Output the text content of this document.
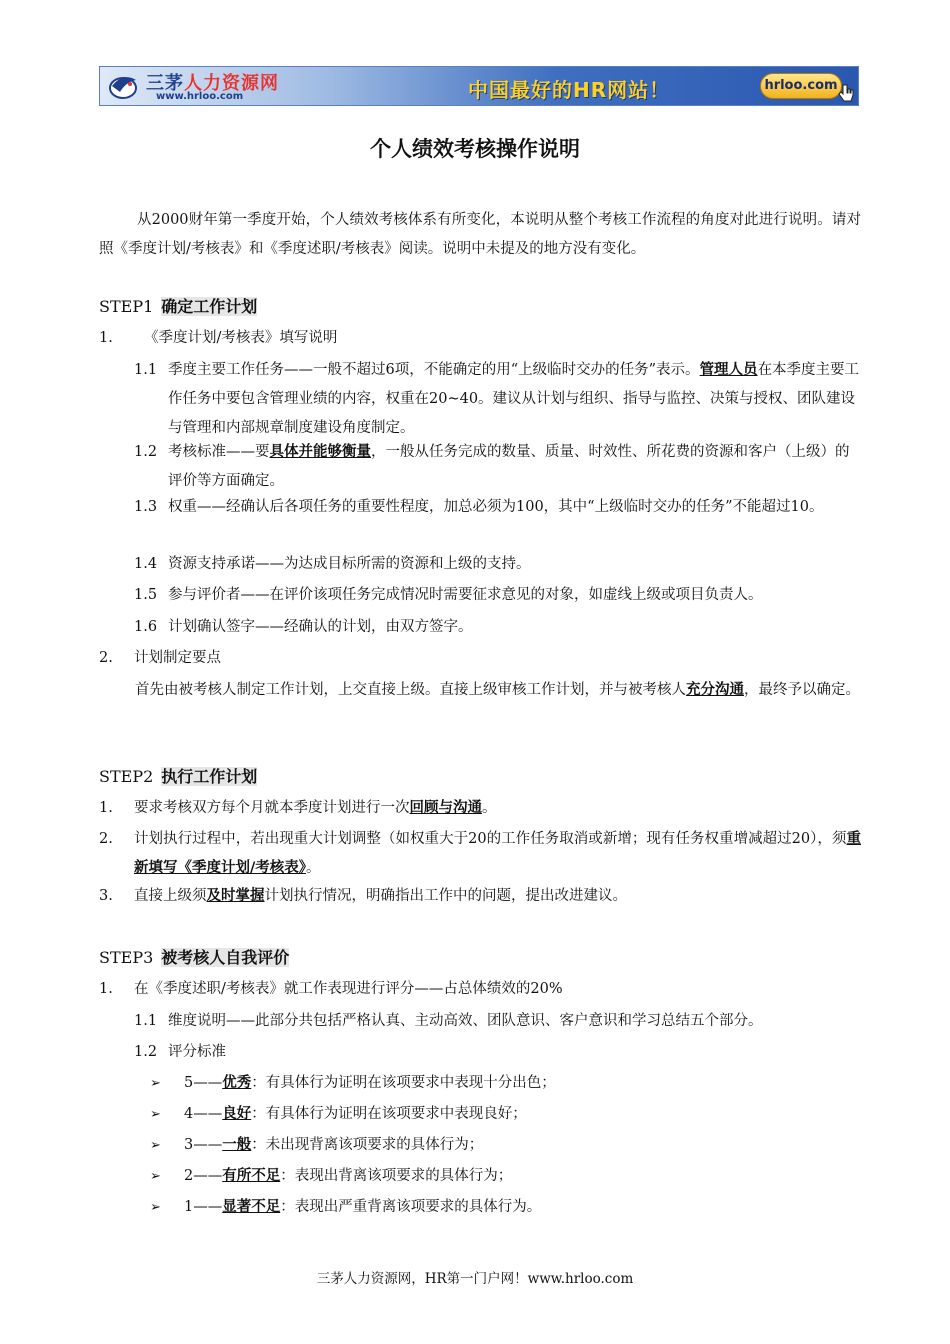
三茅人力资源网
www.hrloo.com	中国最好的HR网站！	hrloo.com
个人绩效考核操作说明
从2000财年第一季度开始，个人绩效考核体系有所变化，本说明从整个考核工作流程的角度对此进行说明。请对照《季度计划/考核表》和《季度述职/考核表》阅读。说明中未提及的地方没有变化。
STEP1 确定工作计划
1. 《季度计划/考核表》填写说明
1.1 季度主要工作任务——一般不超过6项，不能确定的用“上级临时交办的任务”表示。管理人员在本季度主要工作任务中要包含管理业绩的内容，权重在20~40。建议从计划与组织、指导与监控、决策与授权、团队建设与管理和内部规章制度建设角度制定。
1.2 考核标准——要具体并能够衡量，一般从任务完成的数量、质量、时效性、所花费的资源和客户（上级）的评价等方面确定。
1.3 权重——经确认后各项任务的重要性程度，加总必须为100，其中“上级临时交办的任务”不能超过10。
1.4 资源支持承诺——为达成目标所需的资源和上级的支持。
1.5 参与评价者——在评价该项任务完成情况时需要征求意见的对象，如虚线上级或项目负责人。
1.6 计划确认签字——经确认的计划，由双方签字。
2. 计划制定要点
首先由被考核人制定工作计划，上交直接上级。直接上级审核工作计划，并与被考核人充分沟通，最终予以确定。
STEP2 执行工作计划
1. 要求考核双方每个月就本季度计划进行一次回顾与沟通。
2. 计划执行过程中，若出现重大计划调整（如权重大于20的工作任务取消或新增；现有任务权重增减超过20），须重新填写《季度计划/考核表》。
3. 直接上级须及时掌握计划执行情况，明确指出工作中的问题，提出改进建议。
STEP3 被考核人自我评价
1. 在《季度述职/考核表》就工作表现进行评分——占总体绩效的20%
1.1 维度说明——此部分共包括严格认真、主动高效、团队意识、客户意识和学习总结五个部分。
1.2 评分标准
➢ 5——优秀：有具体行为证明在该项要求中表现十分出色；
➢ 4——良好：有具体行为证明在该项要求中表现良好；
➢ 3——一般：未出现背离该项要求的具体行为；
➢ 2——有所不足：表现出背离该项要求的具体行为；
➢ 1——显著不足：表现出严重背离该项要求的具体行为。
三茅人力资源网，HR第一门户网！www.hrloo.com
